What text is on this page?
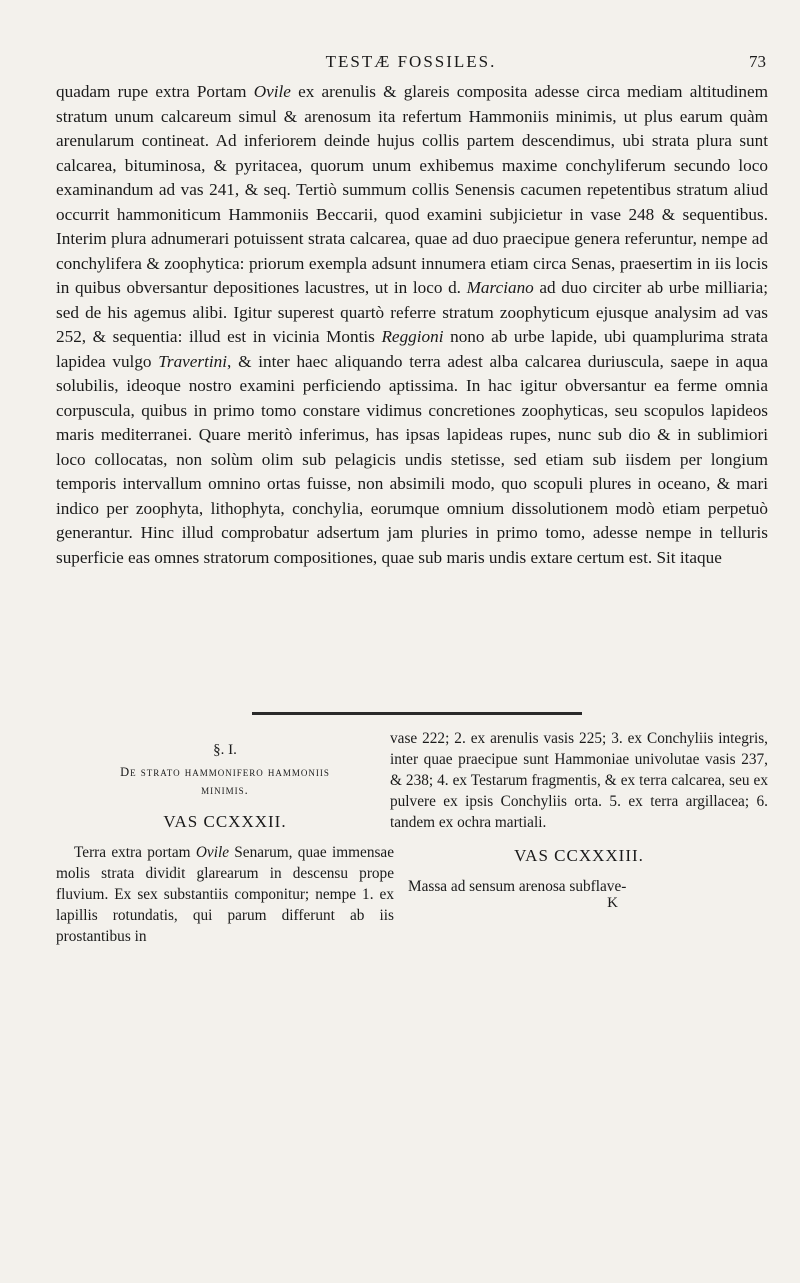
TESTÆ FOSSILES.	73

quadam rupe extra Portam Ovile ex arenulis & glareis composita adesse circa mediam altitudinem stratum unum calcareum simul & arenosum ita refertum Hammoniis minimis, ut plus earum quàm arenularum contineat. Ad inferiorem deinde hujus collis partem descendimus, ubi strata plura sunt calcarea, bituminosa, & pyritacea, quorum unum exhibemus maxime conchyliferum secundo loco examinandum ad vas 241, & seq. Tertiò summum collis Senensis cacumen repetentibus stratum aliud occurrit hammoniticum Hammoniis Beccarii, quod examini subjicietur in vase 248 & sequentibus. Interim plura adnumerari potuissent strata calcarea, quae ad duo praecipue genera referuntur, nempe ad conchylifera & zoophytica: priorum exempla adsunt innumera etiam circa Senas, praesertim in iis locis in quibus obversantur depositiones lacustres, ut in loco d. Marciano ad duo circiter ab urbe milliaria; sed de his agemus alibi. Igitur superest quartò referre stratum zoophyticum ejusque analysim ad vas 252, & sequentia: illud est in vicinia Montis Reggioni nono ab urbe lapide, ubi quamplurima strata lapidea vulgo Travertini, & inter haec aliquando terra adest alba calcarea duriuscula, saepe in aqua solubilis, ideoque nostro examini perficiendo aptissima. In hac igitur obversantur ea ferme omnia corpuscula, quibus in primo tomo constare vidimus concretiones zoophyticas, seu scopulos lapideos maris mediterranei. Quare meritò inferimus, has ipsas lapideas rupes, nunc sub dio & in sublimiori loco collocatas, non solùm olim sub pelagicis undis stetisse, sed etiam sub iisdem per longium temporis intervallum omnino ortas fuisse, non absimili modo, quo scopuli plures in oceano, & mari indico per zoophyta, lithophyta, conchylia, eorumque omnium dissolutionem modò etiam perpetuò generantur. Hinc illud comprobatur adsertum jam pluries in primo tomo, adesse nempe in telluris superficie eas omnes stratorum compositiones, quae sub maris undis extare certum est. Sit itaque

§. I.
De strato hammonifero hammoniis
minimis.
VAS CCXXXII.

Terra extra portam Ovile Senarum, quae immensae molis strata dividit glarearum in descensu prope fluvium. Ex sex substantiis componitur; nempe 1. ex lapillis rotundatis, qui parum differunt ab iis prostantibus in

vase 222; 2. ex arenulis vasis 225; 3. ex Conchyliis integris, inter quae praecipue sunt Hammoniae univolutae vasis 237, & 238; 4. ex Testarum fragmentis, & ex terra calcarea, seu ex pulvere ex ipsis Conchyliis orta. 5. ex terra argillacea; 6. tandem ex ochra martiali.

VAS CCXXXIII.

Massa ad sensum arenosa subflave-

K
